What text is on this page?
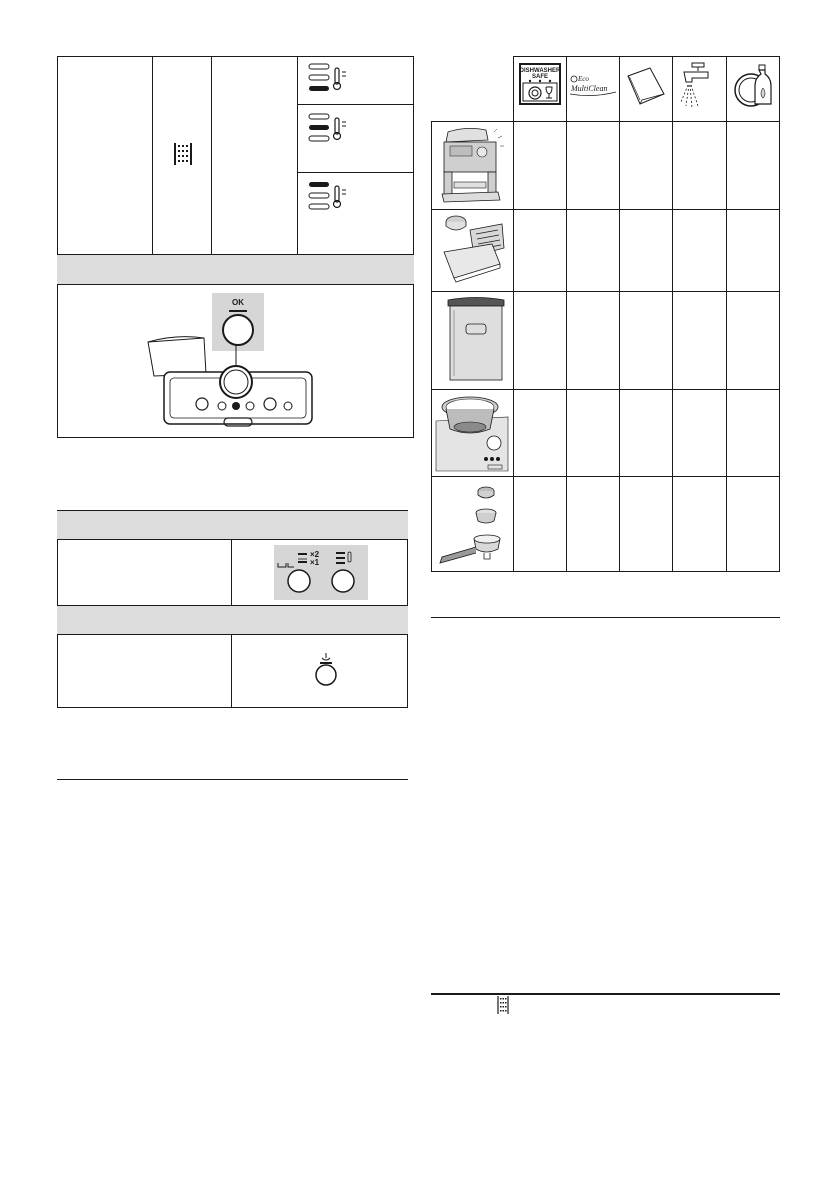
OK
×2
×1
DISHWASHER
SAFE	Eco
MultiClean
